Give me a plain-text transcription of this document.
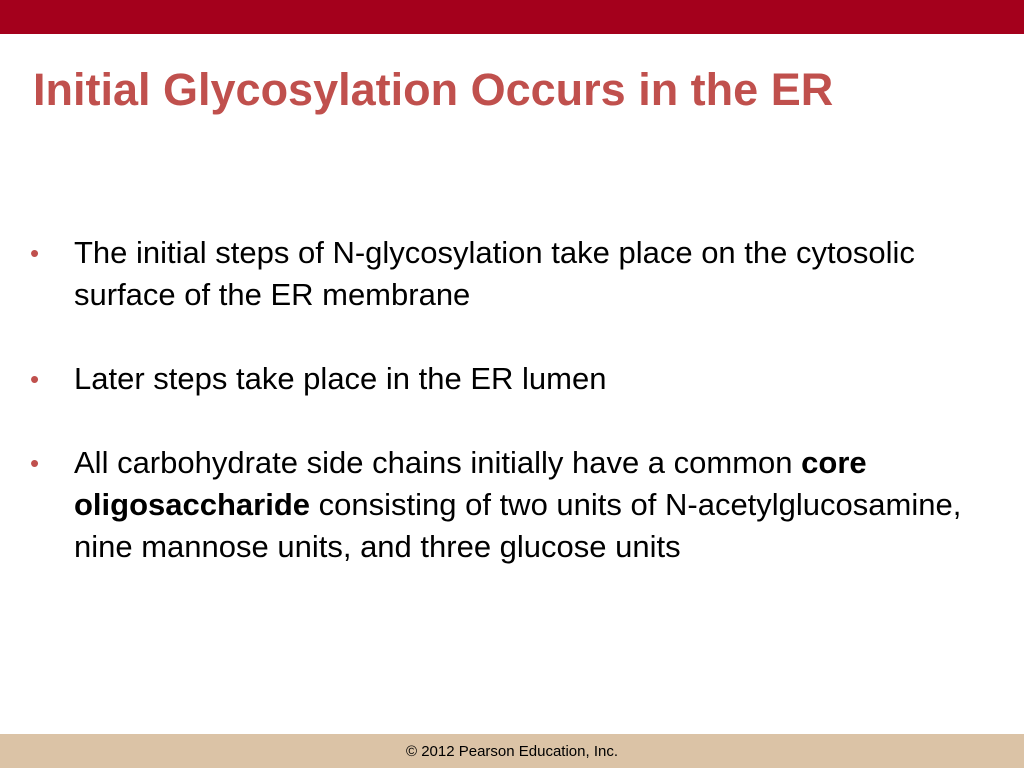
Initial Glycosylation Occurs in the ER
•	The initial steps of N-glycosylation take place on the cytosolic surface of the ER membrane
•	Later steps take place in the ER lumen
•	All carbohydrate side chains initially have a common core oligosaccharide consisting of two units of N-acetylglucosamine, nine mannose units, and three glucose units
© 2012 Pearson Education, Inc.
